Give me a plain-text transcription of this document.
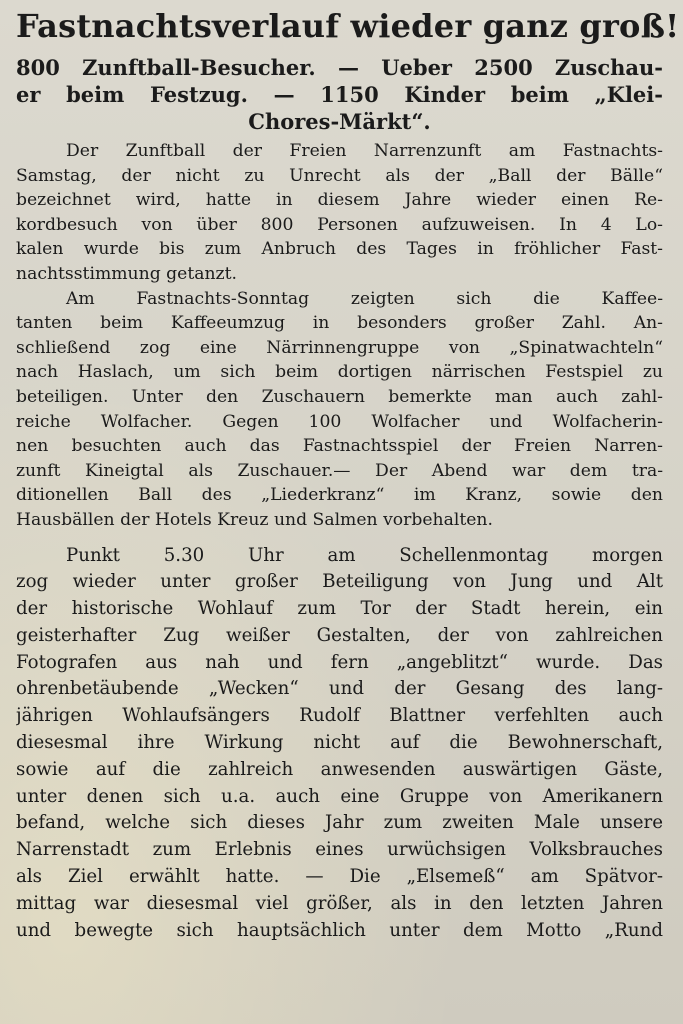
Fastnachtsverlauf wieder ganz groß!
800 Zunftball-Besucher. — Ueber 2500 Zuschau-
er beim Festzug. — 1150 Kinder beim „Klei-
Chores-Märkt“.
Der Zunftball der Freien Narrenzunft am Fastnachts-
Samstag, der nicht zu Unrecht als der „Ball der Bälle“
bezeichnet wird, hatte in diesem Jahre wieder einen Re-
kordbesuch von über 800 Personen aufzuweisen. In 4 Lo-
kalen wurde bis zum Anbruch des Tages in fröhlicher Fast-
nachtsstimmung getanzt.
Am Fastnachts-Sonntag zeigten sich die Kaffee-
tanten beim Kaffeeumzug in besonders großer Zahl. An-
schließend zog eine Närrinnengruppe von „Spinatwachteln“
nach Haslach, um sich beim dortigen närrischen Festspiel zu
beteiligen. Unter den Zuschauern bemerkte man auch zahl-
reiche Wolfacher. Gegen 100 Wolfacher und Wolfacherin-
nen besuchten auch das Fastnachtsspiel der Freien Narren-
zunft Kineigtal als Zuschauer.— Der Abend war dem tra-
ditionellen Ball des „Liederkranz“ im Kranz, sowie den
Hausbällen der Hotels Kreuz und Salmen vorbehalten.
Punkt 5.30 Uhr am Schellenmontag morgen
zog wieder unter großer Beteiligung von Jung und Alt
der historische Wohlauf zum Tor der Stadt herein, ein
geisterhafter Zug weißer Gestalten, der von zahlreichen
Fotografen aus nah und fern „angeblitzt“ wurde. Das
ohrenbetäubende „Wecken“ und der Gesang des lang-
jährigen Wohlaufsängers Rudolf Blattner verfehlten auch
diesesmal ihre Wirkung nicht auf die Bewohnerschaft,
sowie auf die zahlreich anwesenden auswärtigen Gäste,
unter denen sich u.a. auch eine Gruppe von Amerikanern
befand, welche sich dieses Jahr zum zweiten Male unsere
Narrenstadt zum Erlebnis eines urwüchsigen Volksbrauches
als Ziel erwählt hatte. — Die „Elsemeß“ am Spätvor-
mittag war diesesmal viel größer, als in den letzten Jahren
und bewegte sich hauptsächlich unter dem Motto „Rund
